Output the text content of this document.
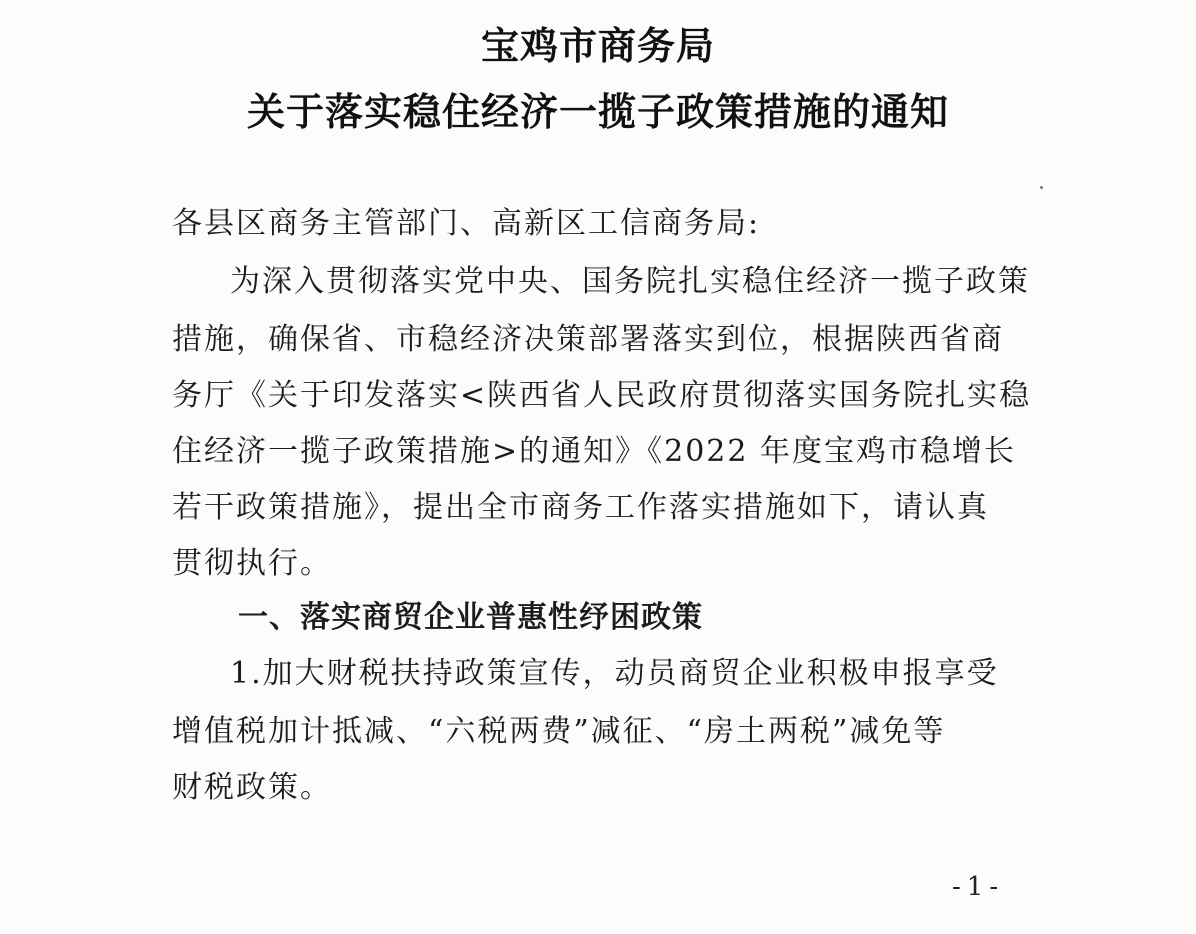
宝鸡市商务局
关于落实稳住经济一揽子政策措施的通知
各县区商务主管部门、高新区工信商务局:
为深入贯彻落实党中央、国务院扎实稳住经济一揽子政策
措施，确保省、市稳经济决策部署落实到位，根据陕西省商
务厅《关于印发落实<陕西省人民政府贯彻落实国务院扎实稳
住经济一揽子政策措施>的通知》《2022 年度宝鸡市稳增长
若干政策措施》，提出全市商务工作落实措施如下，请认真
贯彻执行。
一、落实商贸企业普惠性纾困政策
1.加大财税扶持政策宣传，动员商贸企业积极申报享受
增值税加计抵减、“六税两费”减征、“房土两税”减免等
财税政策。
-1-
